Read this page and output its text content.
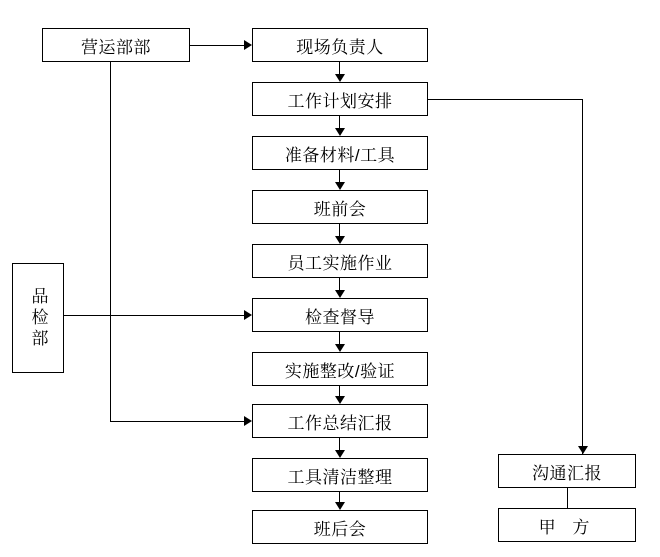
营运部部	现场负责人
工作计划安排
准备材料/工具
班前会
员工实施作业
检查督导
实施整改/验证
工作总结汇报
工具清洁整理
班后会
品检部
沟通汇报
甲 方
